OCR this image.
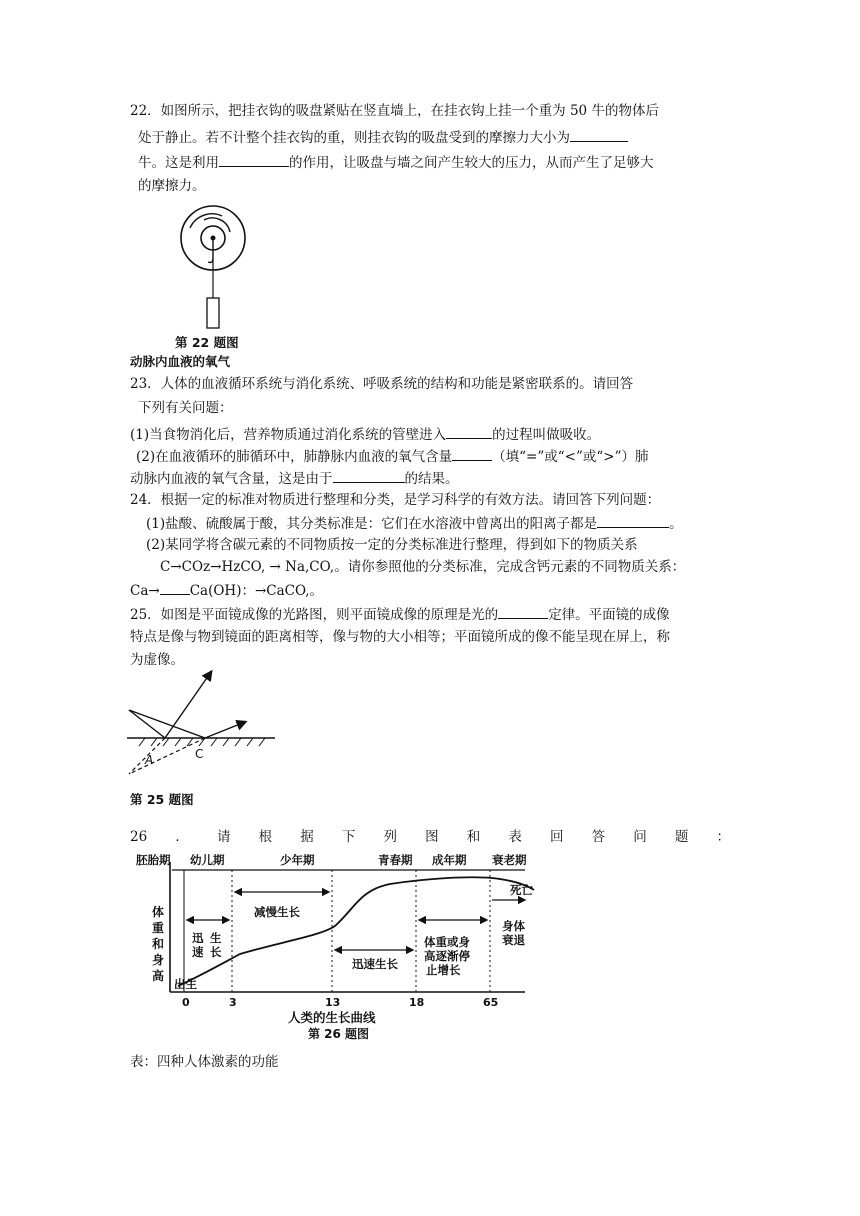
22．如图所示，把挂衣钩的吸盘紧贴在竖直墙上，在挂衣钩上挂一个重为 50 牛的物体后
处于静止。若不计整个挂衣钩的重，则挂衣钩的吸盘受到的摩擦力大小为
牛。这是利用	的作用，让吸盘与墙之间产生较大的压力，从而产生了足够大
的摩擦力。
第 22 题图
动脉内血液的氧气
23．人体的血液循环系统与消化系统、呼吸系统的结构和功能是紧密联系的。请回答
下列有关问题：
(1)当食物消化后，营养物质通过消化系统的管壁进入	的过程叫做吸收。
(2)在血液循环的肺循环中，肺静脉内血液的氧气含量	（填“=”或“<”或“>”）肺
动脉内血液的氧气含量，这是由于	的结果。
24．根据一定的标准对物质进行整理和分类，是学习科学的有效方法。请回答下列问题：
(1)盐酸、硫酸属于酸，其分类标准是：它们在水溶液中曾离出的阳离子都是	。
(2)某同学将含碳元素的不同物质按一定的分类标准进行整理，得到如下的物质关系
C→COz→HzCO, → Na,CO,。请你参照他的分类标准，完成含钙元素的不同物质关系：
Ca→ Ca(OH)：→CaCO,。
25．如图是平面镜成像的光路图，则平面镜成像的原理是光的	定律。平面镜的成像
特点是像与物到镜面的距离相等，像与物的大小相等；平面镜所成的像不能呈现在屏上，称
为虚像。
A	C
第 25 题图
26 ． 请 根 据 下 列 图 和 表 回 答 问 题 ：
胚胎期 幼儿期	少年期	青春期 成年期 衰老期
体
重
和
身
高
迅
速
生
长
减慢生长
迅速生长
体重或身
高逐渐停
止增长
身体
衰退
死亡
出生
0	3	13	18	65
人类的生长曲线
第 26 题图
表：四种人体激素的功能
